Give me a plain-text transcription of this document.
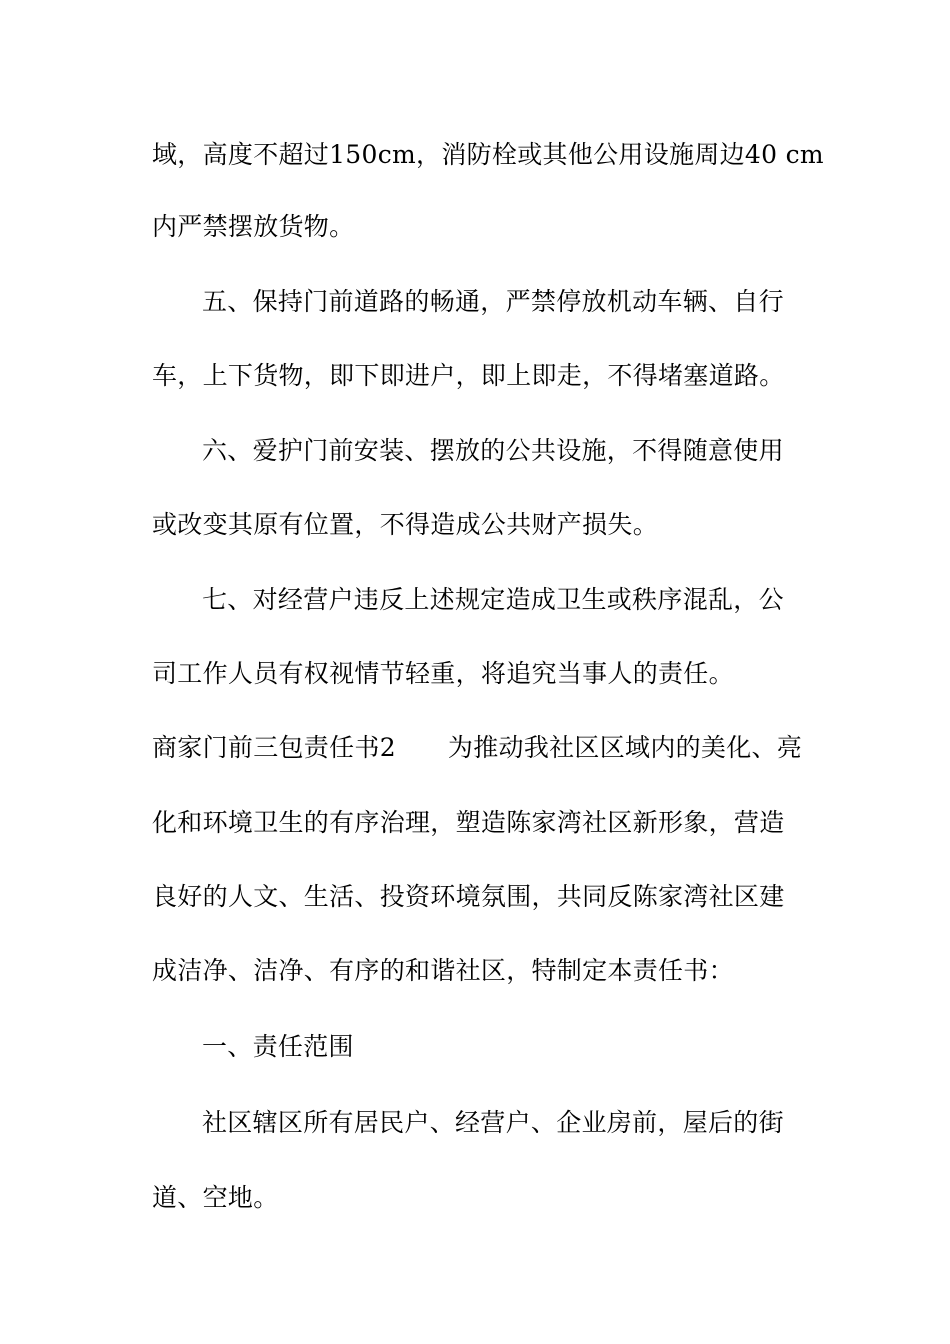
域，高度不超过150cm，消防栓或其他公用设施周边40 cm
内严禁摆放货物。
五、保持门前道路的畅通，严禁停放机动车辆、自行
车，上下货物，即下即进户，即上即走，不得堵塞道路。
六、爱护门前安装、摆放的公共设施，不得随意使用
或改变其原有位置，不得造成公共财产损失。
七、对经营户违反上述规定造成卫生或秩序混乱，公
司工作人员有权视情节轻重，将追究当事人的责任。
商家门前三包责任书2 为推动我社区区域内的美化、亮
化和环境卫生的有序治理，塑造陈家湾社区新形象，营造
良好的人文、生活、投资环境氛围，共同反陈家湾社区建
成洁净、洁净、有序的和谐社区，特制定本责任书：
一、责任范围
社区辖区所有居民户、经营户、企业房前，屋后的街
道、空地。
